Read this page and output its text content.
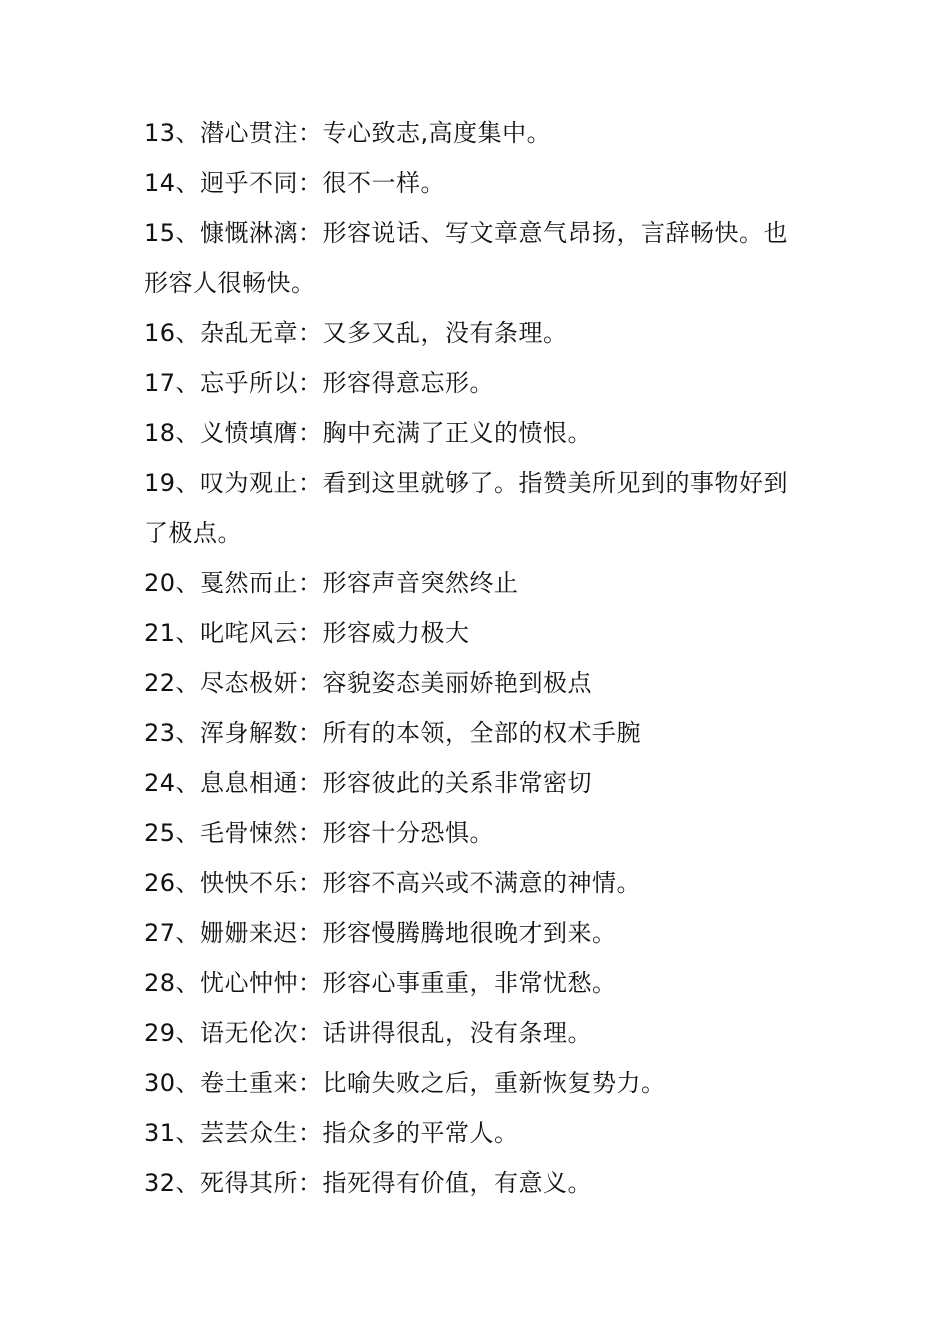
13、潜心贯注：专心致志,高度集中。
14、迥乎不同：很不一样。
15、慷慨淋漓：形容说话、写文章意气昂扬，言辞畅快。也
形容人很畅快。
16、杂乱无章：又多又乱，没有条理。
17、忘乎所以：形容得意忘形。
18、义愤填膺：胸中充满了正义的愤恨。
19、叹为观止：看到这里就够了。指赞美所见到的事物好到
了极点。
20、戛然而止：形容声音突然终止
21、叱咤风云：形容威力极大
22、尽态极妍：容貌姿态美丽娇艳到极点
23、浑身解数：所有的本领，全部的权术手腕
24、息息相通：形容彼此的关系非常密切
25、毛骨悚然：形容十分恐惧。
26、怏怏不乐：形容不高兴或不满意的神情。
27、姗姗来迟：形容慢腾腾地很晚才到来。
28、忧心忡忡：形容心事重重，非常忧愁。
29、语无伦次：话讲得很乱，没有条理。
30、卷土重来：比喻失败之后，重新恢复势力。
31、芸芸众生：指众多的平常人。
32、死得其所：指死得有价值，有意义。
